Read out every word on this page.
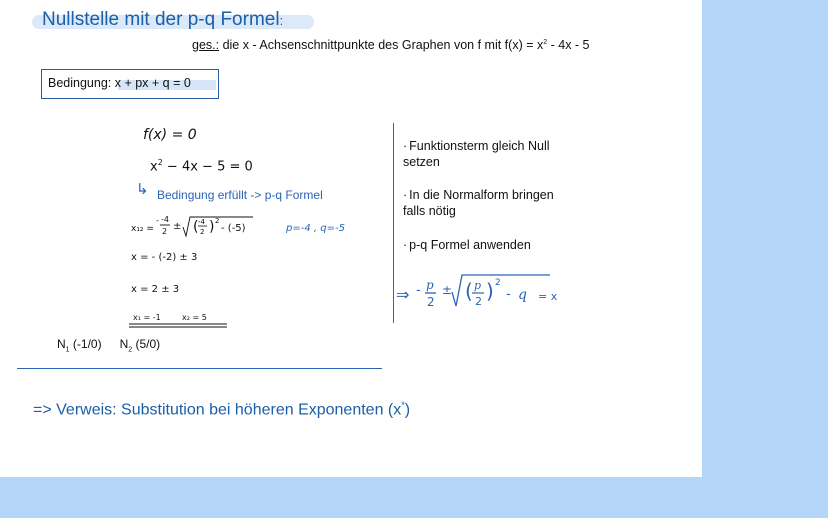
Nullstelle mit der p-q Formel:
ges.: die x - Achsenschnittpunkte des Graphen von f mit $f(x) = x^2 - 4x - 5$
Bedingung: x + px + q = 0
f(x) = 0
$x^2 - 4x - 5 = 0$
↳ Bedingung erfüllt -> p-q Formel
x₁₂ =
- -4
2 ± ( -4
2 ) 2
- (-5)	p=-4 , q=-5
x = - (-2) ± 3
x = 2 ± 3
x₁ = -1	x₂ = 5
$N_1$ (-1/0) $N_2$ (5/0)
· Funktionsterm gleich Null setzen
· In die Normalform bringen falls nötig
· p-q Formel anwenden
⇒ - p
2
± ( p
2 ) 2
- q = x
=> Verweis: Substitution bei höheren Exponenten (x*)
